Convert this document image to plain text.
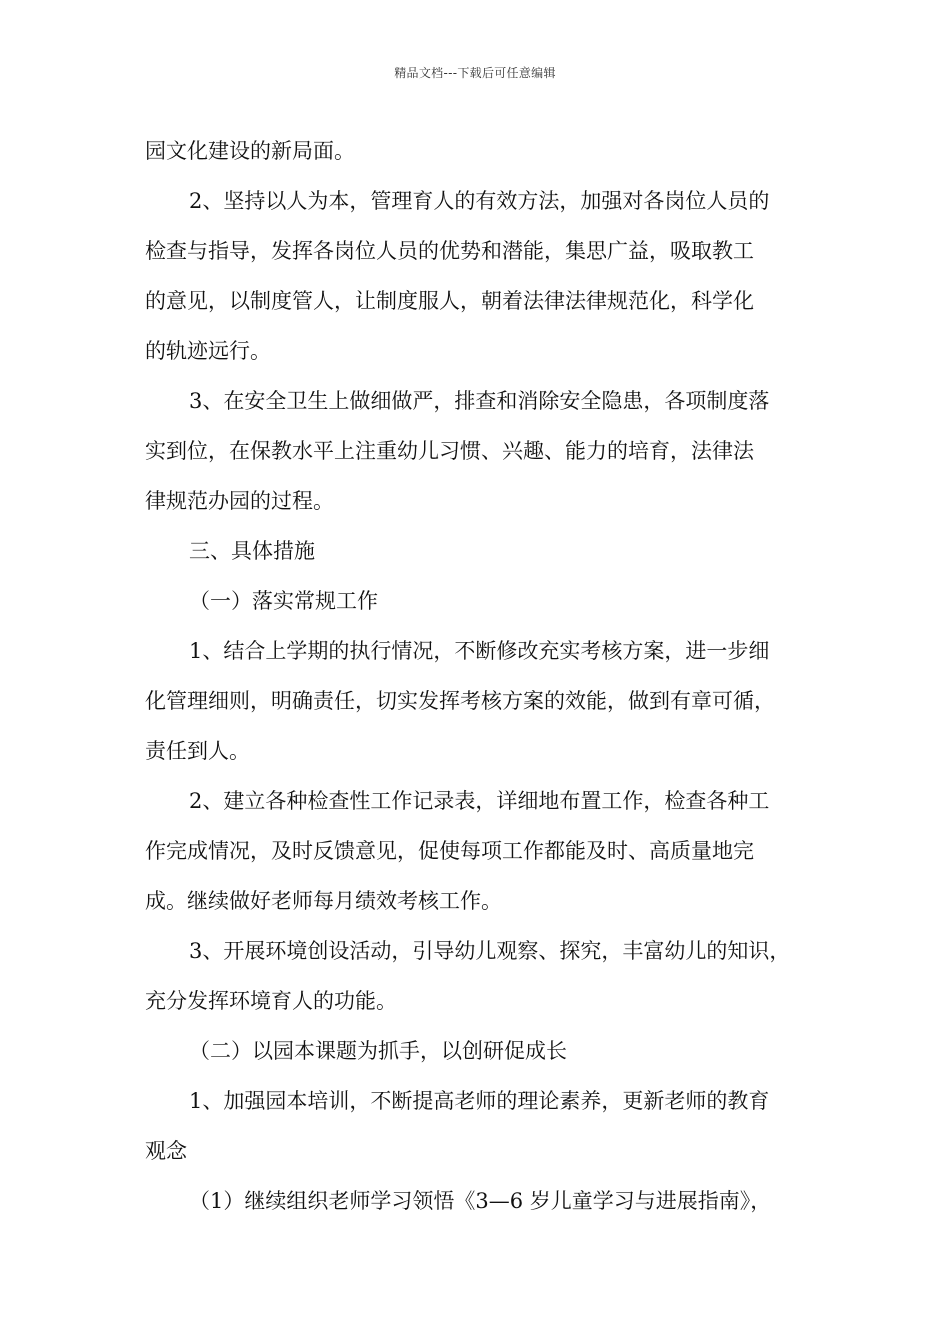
精品文档---下载后可任意编辑

园文化建设的新局面。

2、坚持以人为本，管理育人的有效方法，加强对各岗位人员的

检查与指导，发挥各岗位人员的优势和潜能，集思广益，吸取教工

的意见，以制度管人，让制度服人，朝着法律法律规范化，科学化

的轨迹远行。

3、在安全卫生上做细做严，排查和消除安全隐患，各项制度落

实到位，在保教水平上注重幼儿习惯、兴趣、能力的培育，法律法

律规范办园的过程。

三、具体措施

（一）落实常规工作

1、结合上学期的执行情况，不断修改充实考核方案，进一步细

化管理细则，明确责任，切实发挥考核方案的效能，做到有章可循，

责任到人。

2、建立各种检查性工作记录表，详细地布置工作，检查各种工

作完成情况，及时反馈意见，促使每项工作都能及时、高质量地完

成。继续做好老师每月绩效考核工作。

3、开展环境创设活动，引导幼儿观察、探究，丰富幼儿的知识，

充分发挥环境育人的功能。

（二）以园本课题为抓手，以创研促成长

1、加强园本培训，不断提高老师的理论素养，更新老师的教育

观念

（1）继续组织老师学习领悟《3—6 岁儿童学习与进展指南》，
